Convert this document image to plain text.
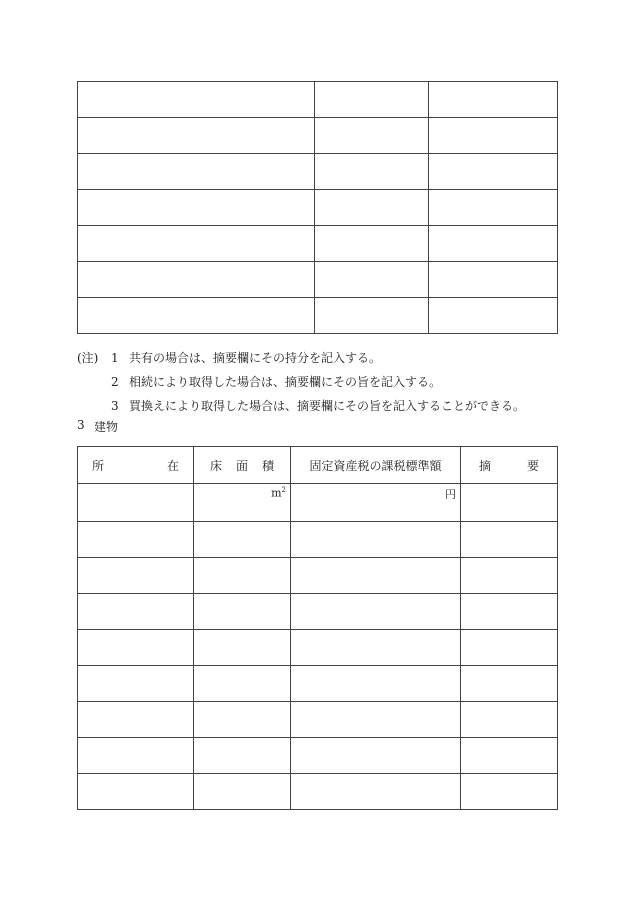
(注)	1 共有の場合は、摘要欄にその持分を記入する。
2 相続により取得した場合は、摘要欄にその旨を記入する。
3 買換えにより取得した場合は、摘要欄にその旨を記入することができる。
3 建物
所 在	床 面 積	固定資産税の課税標準額	摘 要

	$m^2$	円	
